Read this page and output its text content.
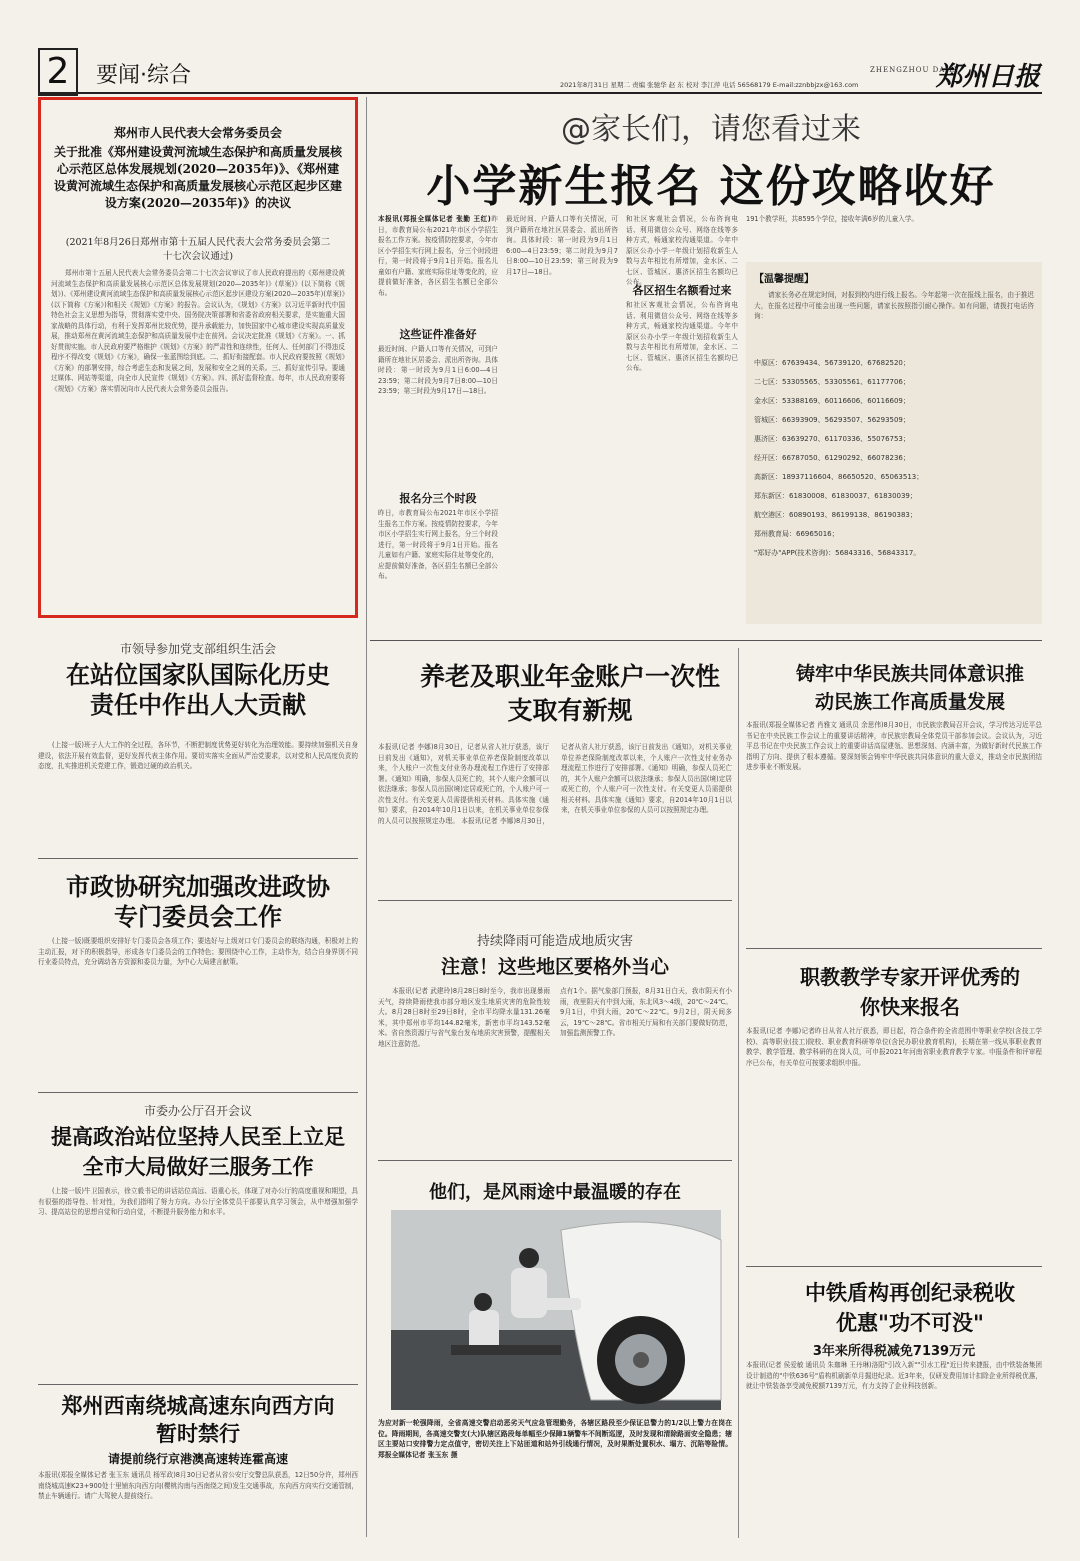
2	要闻·综合	2021年8月31日 星期二 责编 张驰华 赵 东 校对 李江萍 电话 56568179 E-mail:zznbbjzx@163.com
ZHENGZHOU DAILY
郑州日报
郑州市人民代表大会常务委员会
关于批准《郑州建设黄河流域生态保护和高质量发展核心示范区总体发展规划(2020—2035年)》、《郑州建设黄河流域生态保护和高质量发展核心示范区起步区建设方案(2020—2035年)》的决议
(2021年8月26日郑州市第十五届人民代表大会常务委员会第二十七次会议通过)
郑州市第十五届人民代表大会常务委员会第二十七次会议审议了市人民政府提出的《郑州建设黄河流域生态保护和高质量发展核心示范区总体发展规划(2020—2035年)》(草案)》(以下简称《规划》)、《郑州建设黄河流域生态保护和高质量发展核心示范区起步区建设方案(2020—2035年)(草案)》(以下简称《方案》)和相关《规划》《方案》的报告。会议认为，《规划》《方案》以习近平新时代中国特色社会主义思想为指导，贯彻落实党中央、国务院决策部署和省委省政府相关要求，是实施重大国家战略的具体行动，有利于发挥郑州比较优势，提升承载能力，加快国家中心城市建设实现高质量发展，推动郑州在黄河流域生态保护和高质量发展中走在前列。会议决定批准《规划》《方案》。一、抓好贯彻实施。市人民政府要严格维护《规划》《方案》的严肃性和连续性，任何人、任何部门不得违反程序不得改变《规划》《方案》，确保一张蓝图绘到底。二、抓好衔接配套。市人民政府要按照《规划》《方案》的部署安排，综合考虑生态和发展之间，发展和安全之间的关系。三、抓好宣传引导。要通过媒体、网站等渠道，向全市人民宣传《规划》《方案》。四、抓好监督检查。每年，市人民政府要将《规划》《方案》落实情况向市人民代表大会常务委员会报告。
@家长们，请您看过来
小学新生报名 这份攻略收好
本报讯(郑报全媒体记者 张勤 王红)昨日，市教育局公布2021年市区小学招生报名工作方案。按疫情防控要求，今年市区小学招生实行网上报名，分三个时段进行，第一时段将于9月1日开始。报名儿童如有户籍、家庭实际住址等变化的，应提前做好准备，各区招生名额已全部公布。
这些证件准备好
最近时间、户籍人口等有关情况，可到户籍所在地社区居委会、派出所咨询。具体时段：第一时段为9月1日6:00—4日23:59；第二时段为9月7日8:00—10日23:59；第三时段为9月17日—18日。
报名分三个时段
昨日，市教育局公布2021年市区小学招生报名工作方案。按疫情防控要求，今年市区小学招生实行网上报名，分三个时段进行，第一时段将于9月1日开始。报名儿童如有户籍、家庭实际住址等变化的，应提前做好准备，各区招生名额已全部公布。
最近时间、户籍人口等有关情况，可到户籍所在地社区居委会、派出所咨询。具体时段：第一时段为9月1日6:00—4日23:59；第二时段为9月7日8:00—10日23:59；第三时段为9月17日—18日。
和社区客观社会情况，公布咨询电话、利用微信公众号、网络在线等多种方式，畅通家校沟通渠道。今年中原区公办小学一年级计划招收新生人数与去年相比有所增加，金水区、二七区、管城区、惠济区招生名额均已公布。
各区招生名额看过来
和社区客观社会情况，公布咨询电话、利用微信公众号、网络在线等多种方式，畅通家校沟通渠道。今年中原区公办小学一年级计划招收新生人数与去年相比有所增加，金水区、二七区、管城区、惠济区招生名额均已公布。
191个教学班，共8595个学位，接收年满6岁的儿童入学。
【温馨提醒】
请家长务必在规定时间，对报到校内进行线上报名。今年起第一次在报线上报名，由于推迟大，在报名过程中可能会出现一些问题，请家长按照指引耐心操作。如有问题，请拨打电话咨询：
中原区：67639434、56739120、67682520；
二七区：53305565、53305561、61177706；
金水区：53388169、60116606、60116609；
管城区：66393909、56293507、56293509；
惠济区：63639270、61170336、55076753；
经开区：66787050、61290292、66078236；
高新区：18937116604、86650520、65063513；
郑东新区：61830008、61830037、61830039；
航空港区：60890193、86199138、86190383；
郑州教育局：66965016；
"郑好办"APP(技术咨询)：56843316、56843317。
市领导参加党支部组织生活会
在站位国家队国际化历史责任中作出人大贡献
(上接一版)班子人大工作的全过程，各环节，不断把制度优势更好转化为治理效能。要持续加强机关自身建设，依法开展有效监督，更好发挥代表主体作用。要切实落实全面从严治党要求，以对党和人民高度负责的态度，扎实推进机关党建工作，锻造过硬的政治机关。
市政协研究加强改进政协专门委员会工作
(上接一版)既要组织安排好专门委员会各项工作；要选好与上级对口专门委员会的联络沟通，积极对上的主动汇报，对下的积极指导，形成各专门委员会的工作特色；要围绕中心工作，主动作为，结合自身界别不同行业委员特点，充分调动各方资源和委员力量，为中心大局建言献策。
市委办公厅召开会议
提高政治站位坚持人民至上立足全市大局做好三服务工作
(上接一版)牛卫国表示，徐立毅书记的讲话站位高远、语重心长，体现了对办公厅的高度重视和期望，具有很强的指导性、针对性，为我们指明了努力方向。办公厅全体党员干部要认真学习领会，从中增强加强学习、提高站位的思想自觉和行动自觉，不断提升服务能力和水平。
郑州西南绕城高速东向西方向暂时禁行
请提前绕行京港澳高速转连霍高速
本报讯(郑报全媒体记者 张玉东 通讯员 杨军政)8月30日记者从省公安厅交警总队获悉，12日50分许，郑州西南绕城高速K23+900处十里铺东向西方向(樱桃沟南与西南绕之间)发生交通事故，东向西方向实行交通管制，禁止车辆通行。请广大驾驶人提前绕行。
养老及职业年金账户一次性支取有新规
本报讯(记者 李娜)8月30日，记者从省人社厅获悉，该厅日前发出《通知》，对机关事业单位养老保险制度改革以来，个人账户一次性支付业务办理流程工作进行了安排部署。《通知》明确，参保人员死亡的，其个人账户余额可以依法继承；参保人员出国(境)定居或死亡的，个人账户可一次性支付。有关变更人员需提供相关材料。具体实施《通知》要求，自2014年10月1日以来，在机关事业单位参保的人员可以按照规定办理。 本报讯(记者 李娜)8月30日，记者从省人社厅获悉，该厅日前发出《通知》，对机关事业单位养老保险制度改革以来，个人账户一次性支付业务办理流程工作进行了安排部署。《通知》明确，参保人员死亡的，其个人账户余额可以依法继承；参保人员出国(境)定居或死亡的，个人账户可一次性支付。有关变更人员需提供相关材料。具体实施《通知》要求，自2014年10月1日以来，在机关事业单位参保的人员可以按照规定办理。
持续降雨可能造成地质灾害
注意！这些地区要格外当心
本报讯(记者 武建玲)8月28日8时至今，我市出现暴雨天气，持续降雨使我市部分地区发生地质灾害的危险性较大。8月28日8时至29日8时，全市平均降水量131.26毫米，其中郑州市平均144.82毫米，新密市平均143.52毫米。省自然资源厅与省气象台发布地质灾害预警，提醒相关地区注意防范。
点有1个。据气象部门预报，8月31日白天，我市阴天有小雨，夜里阴天有中到大雨，东北风3～4级，20℃～24℃。9月1日，中到大雨，20℃～22℃。9月2日，阴天间多云，19℃～28℃。省市相关厅局和有关部门要做好防范，加强监测预警工作。
他们，是风雨途中最温暖的存在
为应对新一轮强降雨，全省高速交警启动恶劣天气应急管理勤务，各辖区路段至少保证总警力的1/2以上警力在岗在位。降雨期间，各高速交警支(大)队辖区路段每单幅至少保障1辆警车不间断巡逻，及时发现和清除路面安全隐患；辖区主要站口安排警力定点值守，密切关注上下站匝道和站外引线通行情况，及时果断处置积水、塌方、沉陷等险情。 郑报全媒体记者 张玉东 摄
铸牢中华民族共同体意识推动民族工作高质量发展
本报讯(郑报全媒体记者 肖雅文 通讯员 余思伟)8月30日，市民族宗教局召开会议，学习传达习近平总书记在中央民族工作会议上的重要讲话精神，市民族宗教局全体党员干部参加会议。会议认为，习近平总书记在中央民族工作会议上的重要讲话高屋建瓴、思想深刻、内涵丰富，为做好新时代民族工作指明了方向、提供了根本遵循。要深刻领会铸牢中华民族共同体意识的重大意义，推动全市民族团结进步事业不断发展。
职教教学专家开评优秀的你快来报名
本报讯(记者 李娜)记者昨日从省人社厅获悉，即日起，符合条件的全省范围中等职业学校(含技工学校)、高等职业(技工)院校、职业教育科研等单位(含民办职业教育机构)，长期在第一线从事职业教育教学、教学管理、教学科研的在岗人员，可申报2021年河南省职业教育教学专家。申报条件和评审程序已公布，有关单位可按要求组织申报。
中铁盾构再创纪录税收优惠"功不可没"
3年来所得税减免7139万元
本报讯(记者 侯爱敏 通讯员 朱珈琳 王丹琳)洛阳"引改入新""引水工程"近日传来捷报，由中铁装备集团设计制造的"中铁636号"盾构机刷新单月掘进纪录。近3年来，仅研发费用加计扣除企业所得税优惠，就让中铁装备享受减免税额7139万元，有力支持了企业科技创新。
